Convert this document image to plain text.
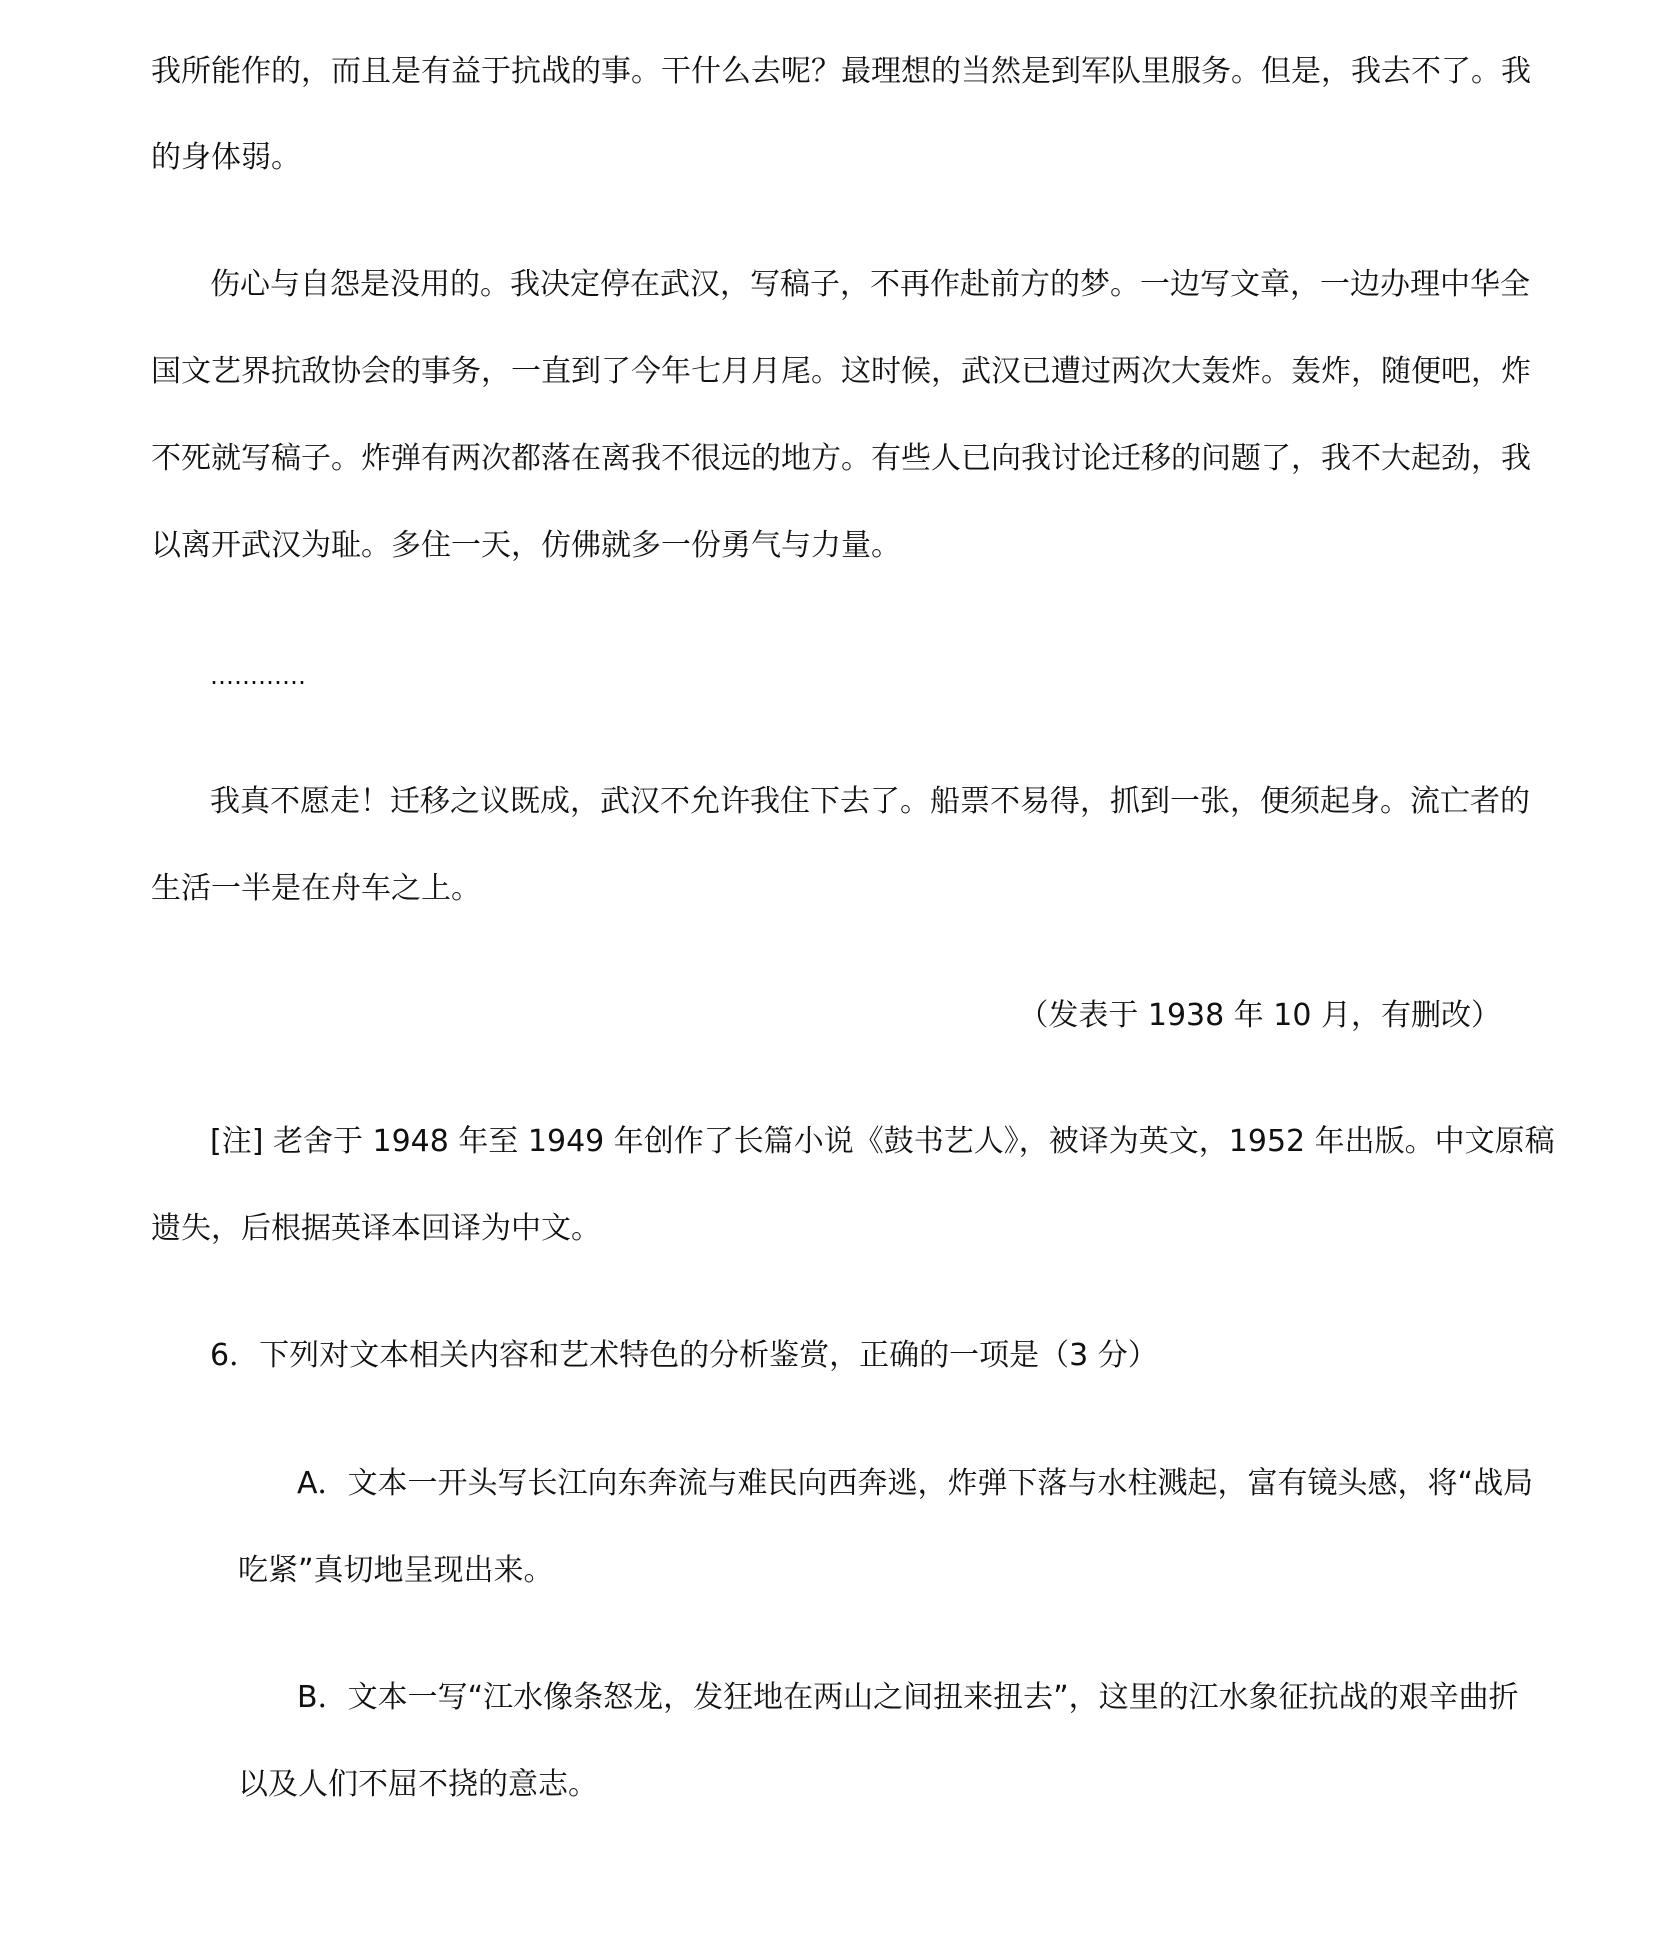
我所能作的，而且是有益于抗战的事。干什么去呢？最理想的当然是到军队里服务。但是，我去不了。我
的身体弱。
伤心与自怨是没用的。我决定停在武汉，写稿子，不再作赴前方的梦。一边写文章，一边办理中华全
国文艺界抗敌协会的事务，一直到了今年七月月尾。这时候，武汉已遭过两次大轰炸。轰炸，随便吧，炸
不死就写稿子。炸弹有两次都落在离我不很远的地方。有些人已向我讨论迁移的问题了，我不大起劲，我
以离开武汉为耻。多住一天，仿佛就多一份勇气与力量。
…………
我真不愿走！迁移之议既成，武汉不允许我住下去了。船票不易得，抓到一张，便须起身。流亡者的
生活一半是在舟车之上。
（发表于 1938 年 10 月，有删改）
[注] 老舍于 1948 年至 1949 年创作了长篇小说《鼓书艺人》，被译为英文，1952 年出版。中文原稿
遗失，后根据英译本回译为中文。
6．下列对文本相关内容和艺术特色的分析鉴赏，正确的一项是（3 分）
A．文本一开头写长江向东奔流与难民向西奔逃，炸弹下落与水柱溅起，富有镜头感，将“战局
吃紧”真切地呈现出来。
B．文本一写“江水像条怒龙，发狂地在两山之间扭来扭去”，这里的江水象征抗战的艰辛曲折
以及人们不屈不挠的意志。
